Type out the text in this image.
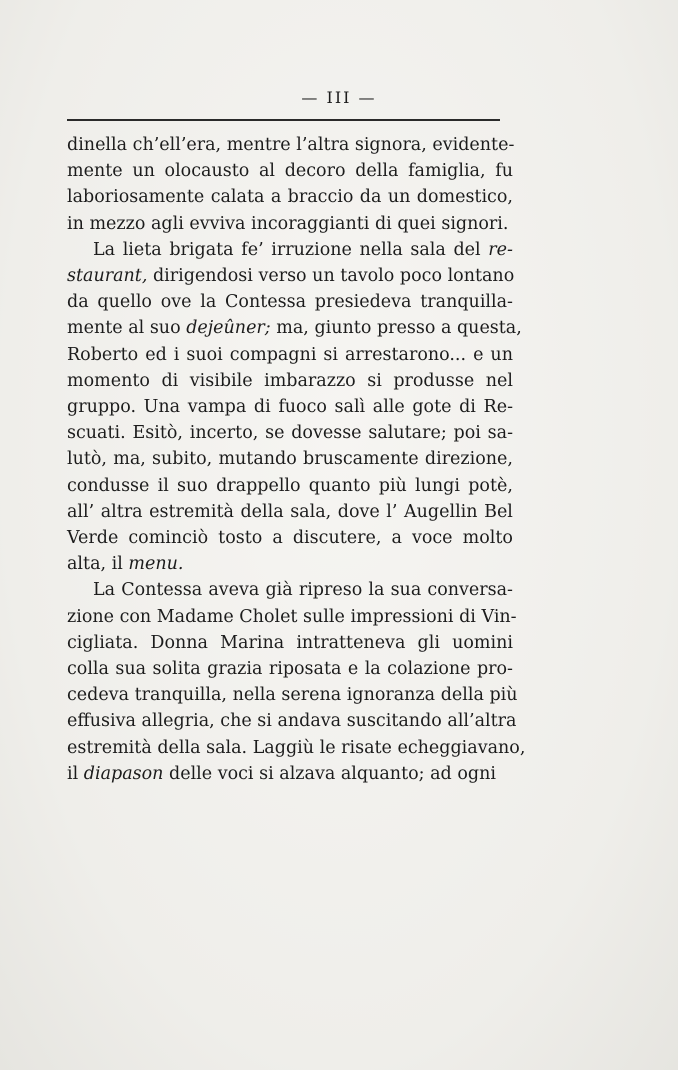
— III —
dinella ch’ell’era, mentre l’altra signora, evidente-
mente un olocausto al decoro della famiglia, fu
laboriosamente calata a braccio da un domestico,
in mezzo agli evviva incoraggianti di quei signori.
La lieta brigata fe’ irruzione nella sala del re-
staurant, dirigendosi verso un tavolo poco lontano
da quello ove la Contessa presiedeva tranquilla-
mente al suo dejeûner; ma, giunto presso a questa,
Roberto ed i suoi compagni si arrestarono... e un
momento di visibile imbarazzo si produsse nel
gruppo. Una vampa di fuoco salì alle gote di Re-
scuati. Esitò, incerto, se dovesse salutare; poi sa-
lutò, ma, subito, mutando bruscamente direzione,
condusse il suo drappello quanto più lungi potè,
all’ altra estremità della sala, dove l’ Augellin Bel
Verde cominciò tosto a discutere, a voce molto
alta, il menu.
La Contessa aveva già ripreso la sua conversa-
zione con Madame Cholet sulle impressioni di Vin-
cigliata. Donna Marina intratteneva gli uomini
colla sua solita grazia riposata e la colazione pro-
cedeva tranquilla, nella serena ignoranza della più
effusiva allegria, che si andava suscitando all’altra
estremità della sala. Laggiù le risate echeggiavano,
il diapason delle voci si alzava alquanto; ad ogni
